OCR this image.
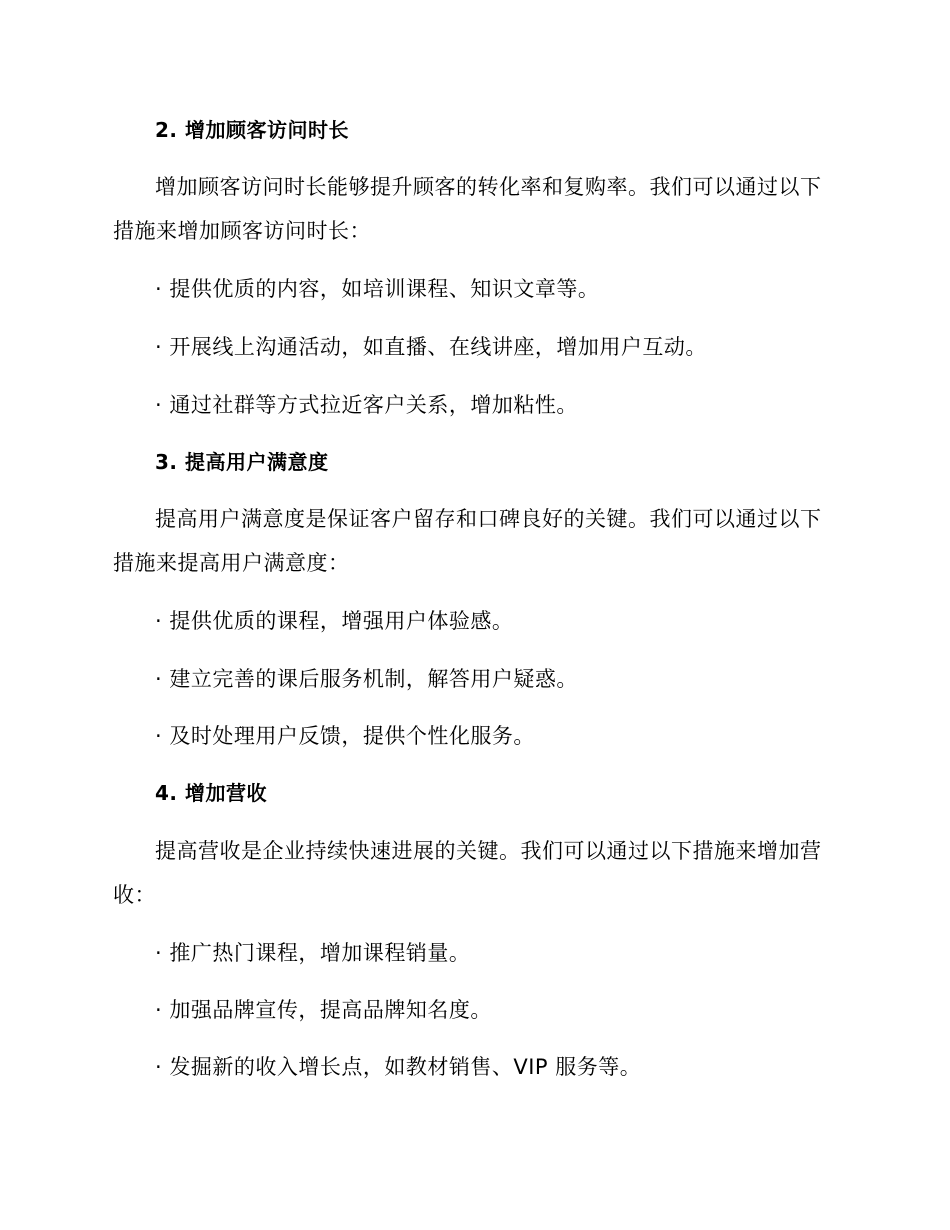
2. 增加顾客访问时长
增加顾客访问时长能够提升顾客的转化率和复购率。我们可以通过以下
措施来增加顾客访问时长：
· 提供优质的内容，如培训课程、知识文章等。
· 开展线上沟通活动，如直播、在线讲座，增加用户互动。
· 通过社群等方式拉近客户关系，增加粘性。
3. 提高用户满意度
提高用户满意度是保证客户留存和口碑良好的关键。我们可以通过以下
措施来提高用户满意度：
· 提供优质的课程，增强用户体验感。
· 建立完善的课后服务机制，解答用户疑惑。
· 及时处理用户反馈，提供个性化服务。
4. 增加营收
提高营收是企业持续快速进展的关键。我们可以通过以下措施来增加营
收：
· 推广热门课程，增加课程销量。
· 加强品牌宣传，提高品牌知名度。
· 发掘新的收入增长点，如教材销售、VIP 服务等。
